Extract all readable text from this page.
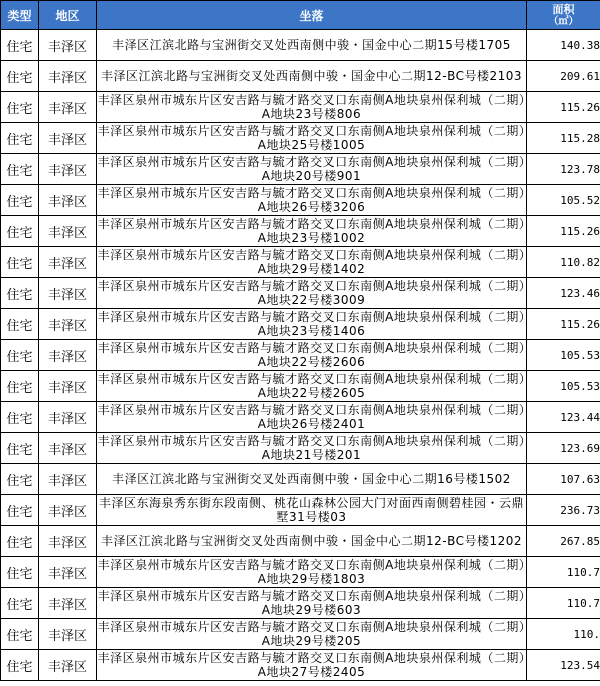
类型	地区	坐落	面积
（㎡）

住宅	丰泽区	丰泽区江滨北路与宝洲街交叉处西南侧中骏・国金中心二期15号楼1705	140.38
住宅	丰泽区	丰泽区江滨北路与宝洲街交叉处西南侧中骏・国金中心二期12-BC号楼2103	209.61
住宅	丰泽区	丰泽区泉州市城东片区安吉路与毓才路交叉口东南侧A地块泉州保利城（二期）A地块23号楼806	115.26
住宅	丰泽区	丰泽区泉州市城东片区安吉路与毓才路交叉口东南侧A地块泉州保利城（二期）A地块25号楼1005	115.28
住宅	丰泽区	丰泽区泉州市城东片区安吉路与毓才路交叉口东南侧A地块泉州保利城（二期）A地块20号楼901	123.78
住宅	丰泽区	丰泽区泉州市城东片区安吉路与毓才路交叉口东南侧A地块泉州保利城（二期）A地块26号楼3206	105.52
住宅	丰泽区	丰泽区泉州市城东片区安吉路与毓才路交叉口东南侧A地块泉州保利城（二期）A地块23号楼1002	115.26
住宅	丰泽区	丰泽区泉州市城东片区安吉路与毓才路交叉口东南侧A地块泉州保利城（二期）A地块29号楼1402	110.82
住宅	丰泽区	丰泽区泉州市城东片区安吉路与毓才路交叉口东南侧A地块泉州保利城（二期）A地块22号楼3009	123.46
住宅	丰泽区	丰泽区泉州市城东片区安吉路与毓才路交叉口东南侧A地块泉州保利城（二期）A地块23号楼1406	115.26
住宅	丰泽区	丰泽区泉州市城东片区安吉路与毓才路交叉口东南侧A地块泉州保利城（二期）A地块22号楼2606	105.53
住宅	丰泽区	丰泽区泉州市城东片区安吉路与毓才路交叉口东南侧A地块泉州保利城（二期）A地块22号楼2605	105.53
住宅	丰泽区	丰泽区泉州市城东片区安吉路与毓才路交叉口东南侧A地块泉州保利城（二期）A地块26号楼2401	123.44
住宅	丰泽区	丰泽区泉州市城东片区安吉路与毓才路交叉口东南侧A地块泉州保利城（二期）A地块21号楼201	123.69
住宅	丰泽区	丰泽区江滨北路与宝洲街交叉处西南侧中骏・国金中心二期16号楼1502	107.63
住宅	丰泽区	丰泽区东海泉秀东街东段南侧、桃花山森林公园大门对面西南侧碧桂园・云鼎墅31号楼03	236.73
住宅	丰泽区	丰泽区江滨北路与宝洲街交叉处西南侧中骏・国金中心二期12-BC号楼1202	267.85
住宅	丰泽区	丰泽区泉州市城东片区安吉路与毓才路交叉口东南侧A地块泉州保利城（二期）A地块29号楼1803	110.7
住宅	丰泽区	丰泽区泉州市城东片区安吉路与毓才路交叉口东南侧A地块泉州保利城（二期）A地块29号楼603	110.7
住宅	丰泽区	丰泽区泉州市城东片区安吉路与毓才路交叉口东南侧A地块泉州保利城（二期）A地块29号楼205	110.
住宅	丰泽区	丰泽区泉州市城东片区安吉路与毓才路交叉口东南侧A地块泉州保利城（二期）A地块27号楼2405	123.54
